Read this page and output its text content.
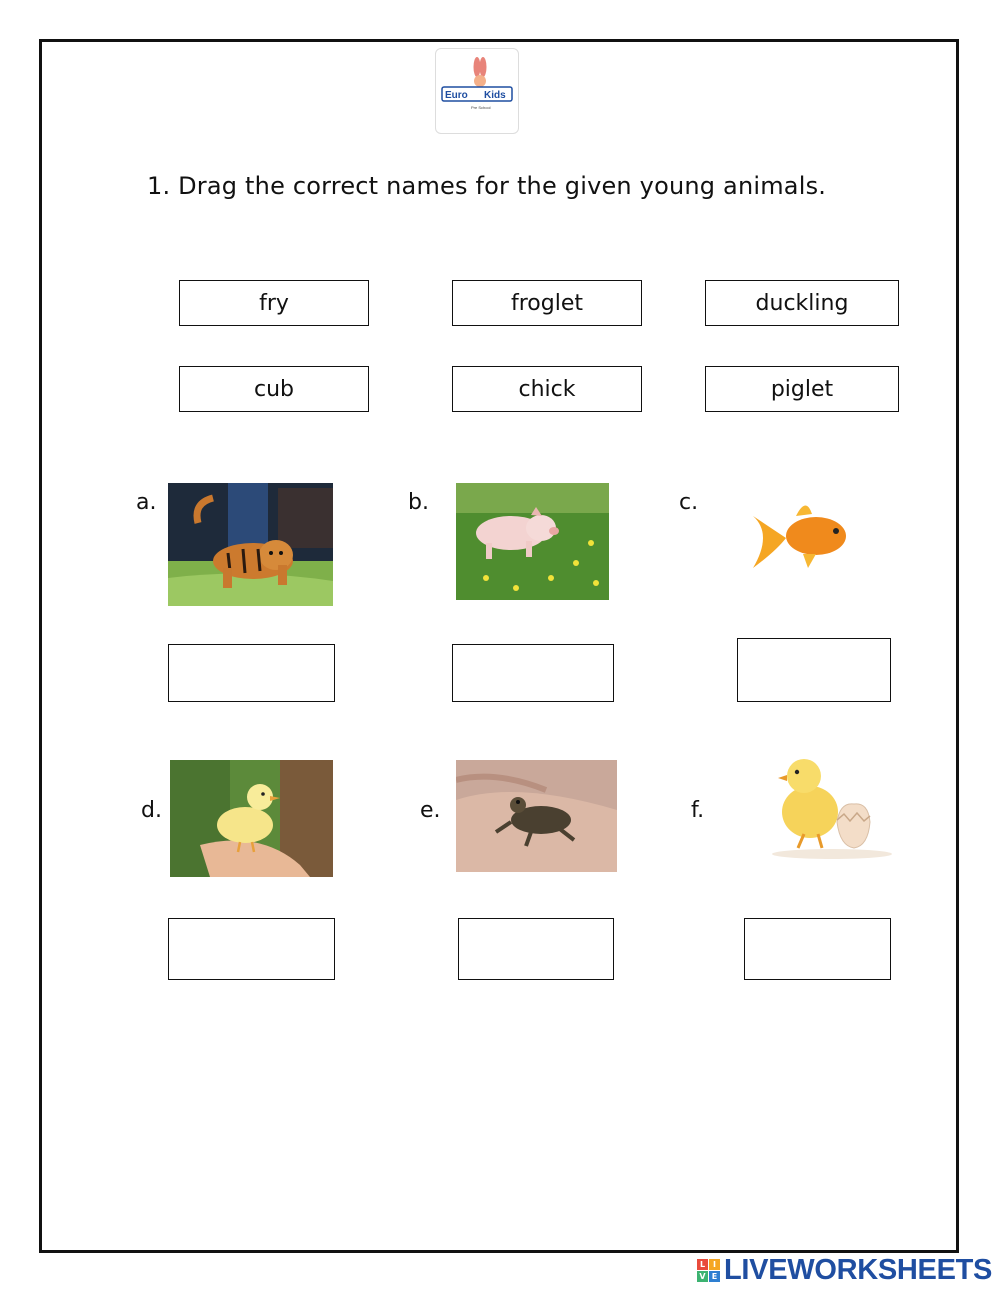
Euro Kids
Pre School
1. Drag the correct names for the given young animals.
fry	froglet	duckling
cub	chick	piglet
a.	b.	c.
d.	e.	f.
L I
V E LIVEWORKSHEETS
